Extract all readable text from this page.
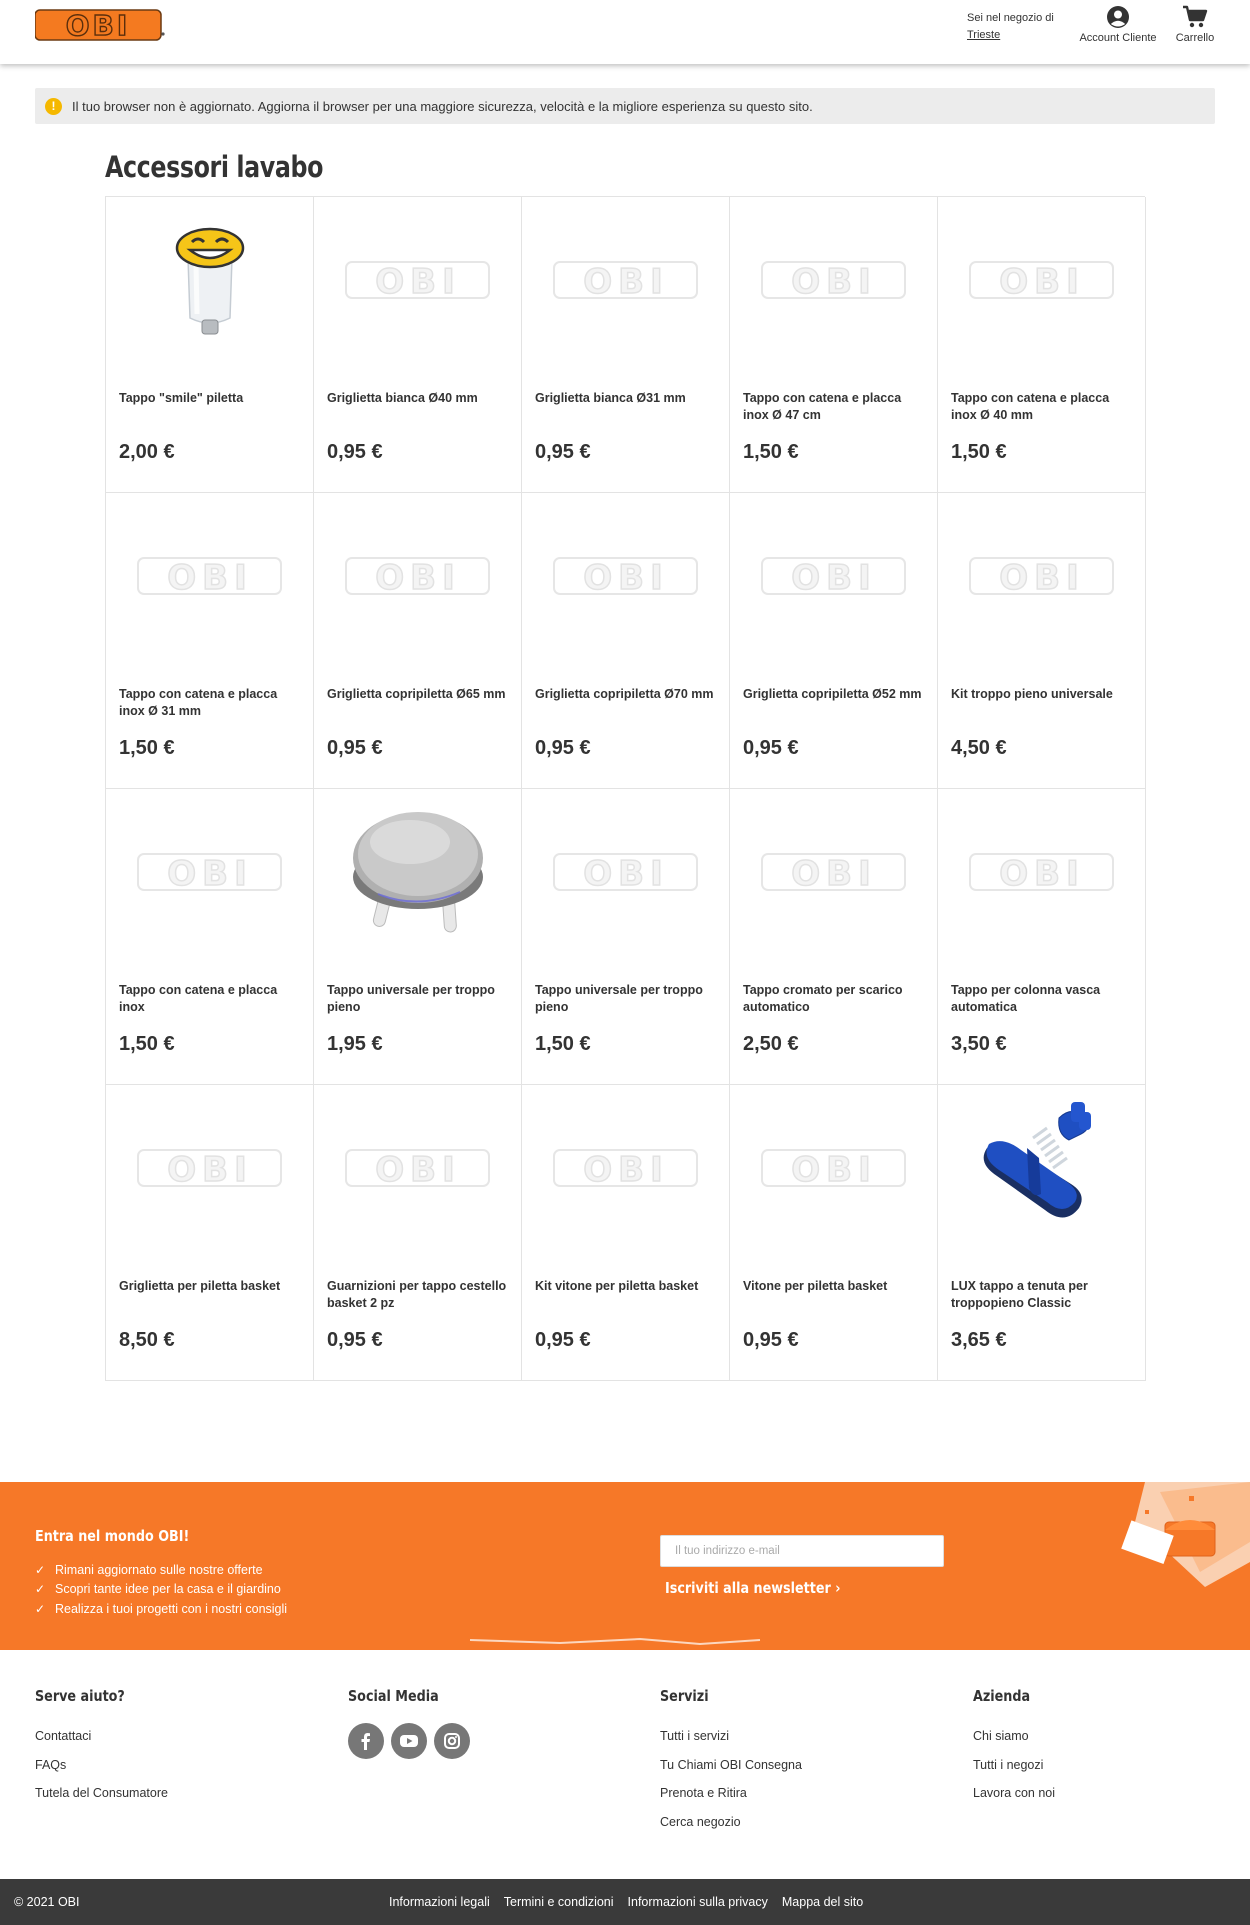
OBI	Sei nel negozio di
Trieste	Account Cliente	Carrello
!	Il tuo browser non è aggiornato. Aggiorna il browser per una maggiore sicurezza, velocità e la migliore esperienza su questo sito.
Accessori lavabo
Tappo "smile" piletta
2,00 €
OBI
Griglietta bianca Ø40 mm
0,95 €
OBI
Griglietta bianca Ø31 mm
0,95 €
OBI
Tappo con catena e placca inox Ø 47 cm
1,50 €
OBI
Tappo con catena e placca inox Ø 40 mm
1,50 €
OBI
Tappo con catena e placca inox Ø 31 mm
1,50 €
OBI
Griglietta copripiletta Ø65 mm
0,95 €
OBI
Griglietta copripiletta Ø70 mm
0,95 €
OBI
Griglietta copripiletta Ø52 mm
0,95 €
OBI
Kit troppo pieno universale
4,50 €
OBI
Tappo con catena e placca inox
1,50 €
Tappo universale per troppo pieno
1,95 €
OBI
Tappo universale per troppo pieno
1,50 €
OBI
Tappo cromato per scarico automatico
2,50 €
OBI
Tappo per colonna vasca automatica
3,50 €
OBI
Griglietta per piletta basket
8,50 €
OBI
Guarnizioni per tappo cestello basket 2 pz
0,95 €
OBI
Kit vitone per piletta basket
0,95 €
OBI
Vitone per piletta basket
0,95 €
LUX tappo a tenuta per troppopieno Classic
3,65 €
Entra nel mondo OBI!
✓ Rimani aggiornato sulle nostre offerte
✓ Scopri tante idee per la casa e il giardino
✓ Realizza i tuoi progetti con i nostri consigli
Il tuo indirizzo e-mail
Iscriviti alla newsletter ›
Serve aiuto?
Contattaci
FAQs
Tutela del Consumatore
Social Media	Servizi
Tutti i servizi
Tu Chiami OBI Consegna
Prenota e Ritira
Cerca negozio
Azienda
Chi siamo
Tutti i negozi
Lavora con noi
© 2021 OBI	Informazioni legali Termini e condizioni Informazioni sulla privacy Mappa del sito
